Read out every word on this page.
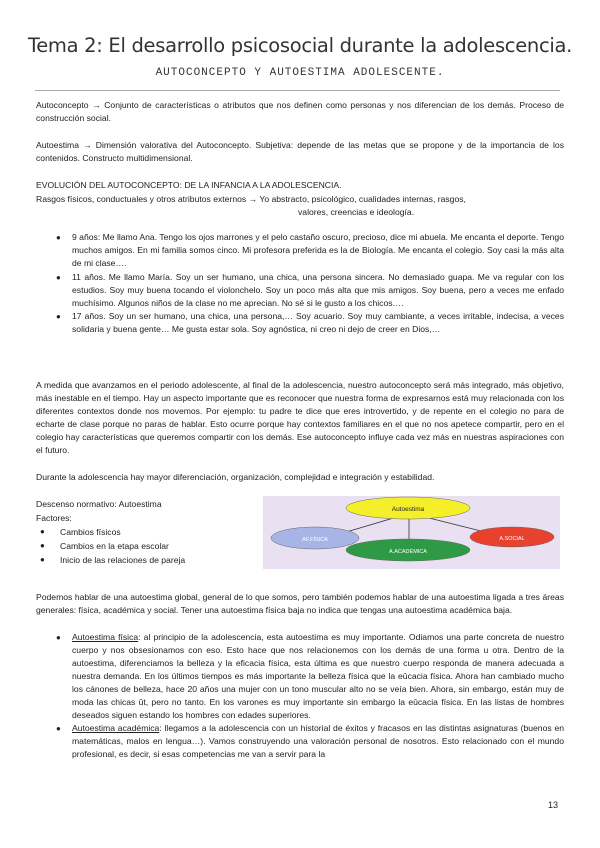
Tema 2: El desarrollo psicosocial durante la adolescencia.
AUTOCONCEPTO Y AUTOESTIMA ADOLESCENTE.
Autoconcepto → Conjunto de características o atributos que nos definen como personas y nos diferencian de los demás. Proceso de construcción social.
Autoestima → Dimensión valorativa del Autoconcepto. Subjetiva: depende de las metas que se propone y de la importancia de los contenidos. Constructo multidimensional.
EVOLUCIÓN DEL AUTOCONCEPTO: DE LA INFANCIA A LA ADOLESCENCIA.
Rasgos físicos, conductuales y otros atributos externos → Yo abstracto, psicológico, cualidades internas, rasgos,
valores, creencias e ideología.
● 9 años: Me llamo Ana. Tengo los ojos marrones y el pelo castaño oscuro, precioso, dice mi abuela. Me encanta el deporte. Tengo muchos amigos. En mi familia somos cinco. Mi profesora preferida es la de Biología. Me encanta el colegio. Soy casi la más alta de mi clase….
● 11 años. Me llamo María. Soy un ser humano, una chica, una persona sincera. No demasiado guapa. Me va regular con los estudios. Soy muy buena tocando el violonchelo. Soy un poco más alta que mis amigos. Soy buena, pero a veces me enfado muchísimo. Algunos niños de la clase no me aprecian. No sé si le gusto a los chicos….
● 17 años. Soy un ser humano, una chica, una persona,… Soy acuario. Soy muy cambiante, a veces irritable, indecisa, a veces solidaria y buena gente… Me gusta estar sola. Soy agnóstica, ni creo ni dejo de creer en Dios,…
A medida que avanzamos en el periodo adolescente, al final de la adolescencia, nuestro autoconcepto será más integrado, más objetivo, más inestable en el tiempo. Hay un aspecto importante que es reconocer que nuestra forma de expresarnos está muy relacionada con los diferentes contextos donde nos movemos. Por ejemplo: tu padre te dice que eres introvertido, y de repente en el colegio no para de echarte de clase porque no paras de hablar. Esto ocurre porque hay contextos familiares en el que no nos apetece compartir, pero en el colegio hay características que queremos compartir con los demás. Ese autoconcepto influye cada vez más en nuestras aspiraciones con el futuro.
Durante la adolescencia hay mayor diferenciación, organización, complejidad e integración y estabilidad.
Descenso normativo: Autoestima
Factores:
● Cambios físicos
● Cambios en la etapa escolar
● Inicio de las relaciones de pareja
Autoestima
AF.FÍSICA
A.ACADÉMICA
A.SOCIAL
Podemos hablar de una autoestima global, general de lo que somos, pero también podemos hablar de una autoestima ligada a tres áreas generales: física, académica y social. Tener una autoestima física baja no indica que tengas una autoestima académica baja.
● Autoestima física: al principio de la adolescencia, esta autoestima es muy importante. Odiamos una parte concreta de nuestro cuerpo y nos obsesionamos con eso. Esto hace que nos relacionemos con los demás de una forma u otra. Dentro de la autoestima, diferenciamos la belleza y la eficacia física, esta última es que nuestro cuerpo responda de manera adecuada a nuestra demanda. En los últimos tiempos es más importante la belleza física que la eûcacia física. Ahora han cambiado mucho los cánones de belleza, hace 20 años una mujer con un tono muscular alto no se veía bien. Ahora, sin embargo, están muy de moda las chicas ût, pero no tanto. En los varones es muy importante sin embargo la eûcacia física. En las listas de hombres deseados siguen estando los hombres con edades superiores.
● Autoestima académica: llegamos a la adolescencia con un historial de éxitos y fracasos en las distintas asignaturas (buenos en matemáticas, malos en lengua…). Vamos construyendo una valoración personal de nosotros. Esto relacionado con el mundo profesional, es decir, si esas competencias me van a servir para la
13
